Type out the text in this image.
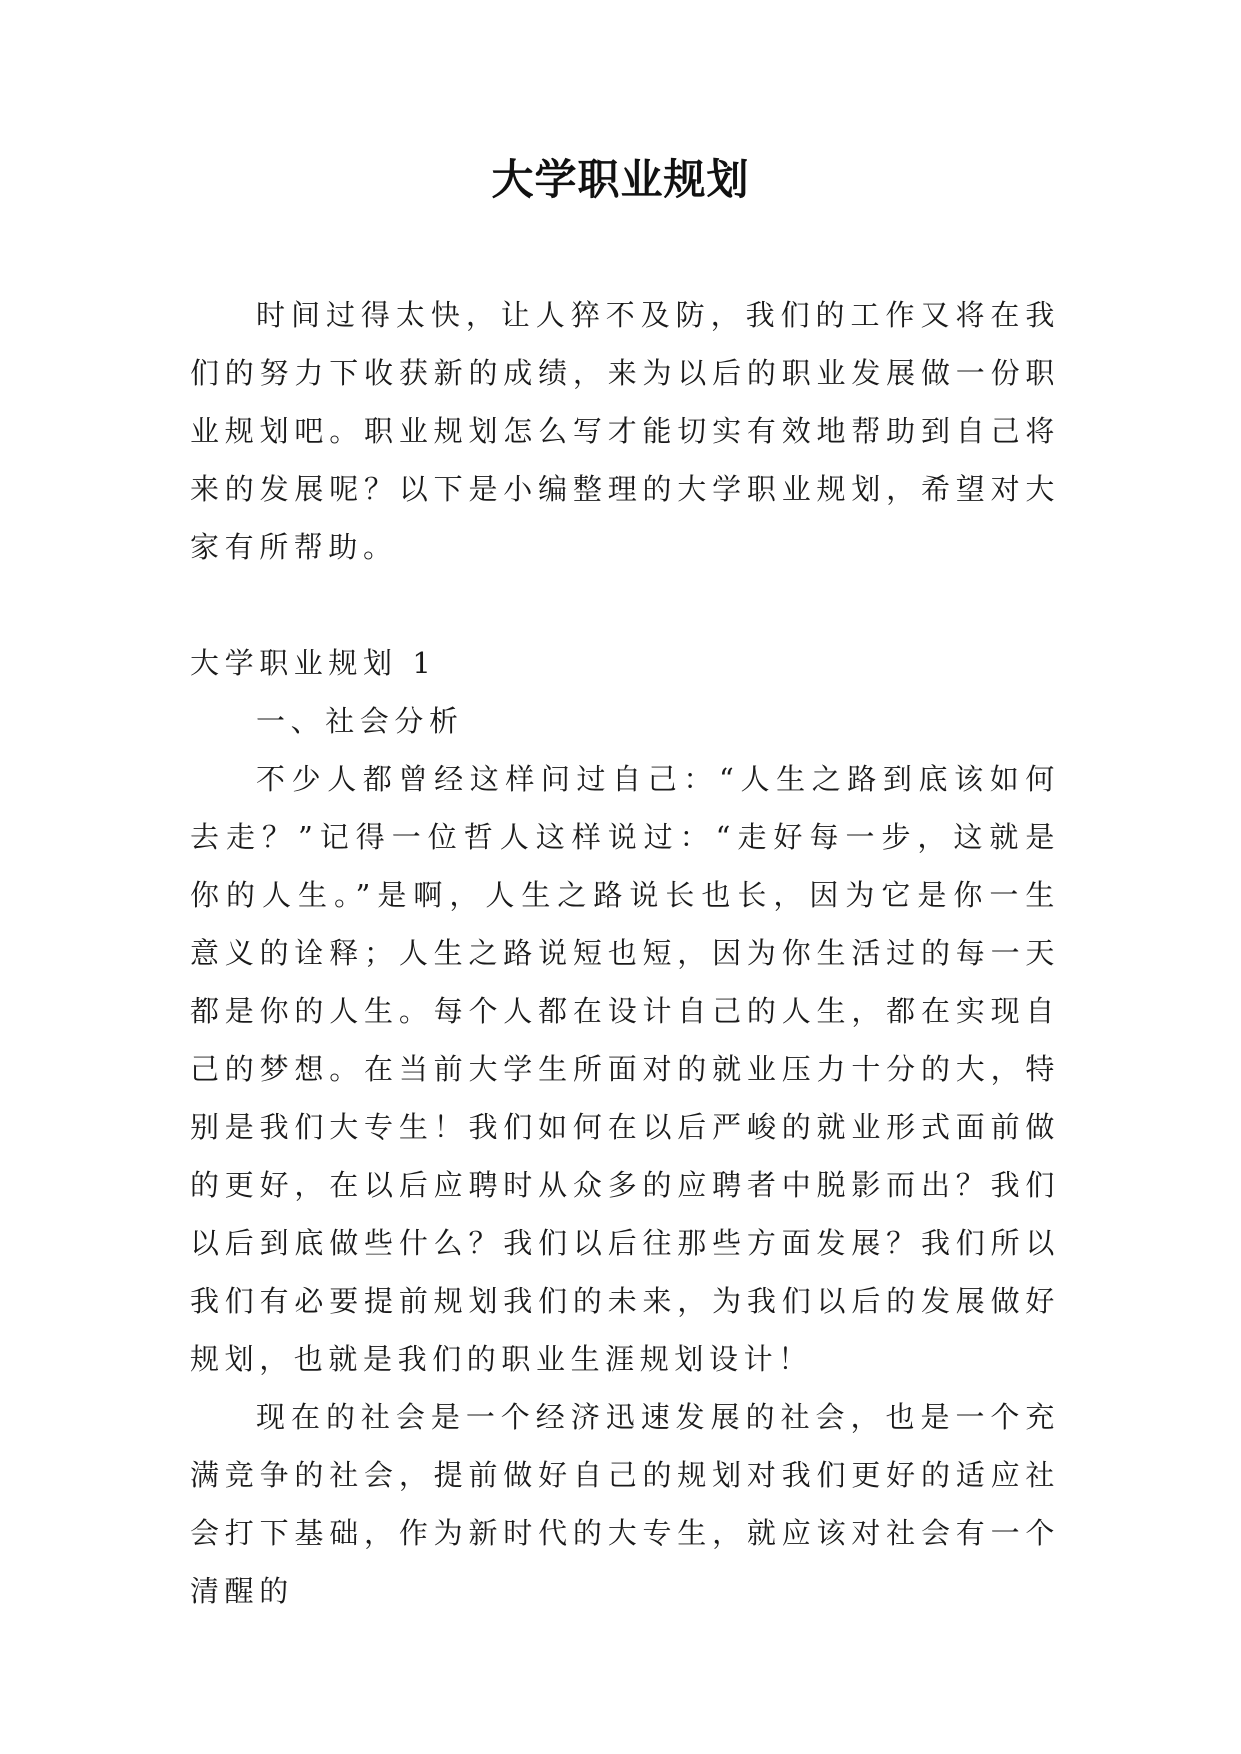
大学职业规划

时间过得太快，让人猝不及防，我们的工作又将在我们的努力下收获新的成绩，来为以后的职业发展做一份职业规划吧。职业规划怎么写才能切实有效地帮助到自己将来的发展呢？以下是小编整理的大学职业规划，希望对大家有所帮助。

大学职业规划 1

一、社会分析

不少人都曾经这样问过自己：“人生之路到底该如何去走？”记得一位哲人这样说过：“走好每一步，这就是你的人生。”是啊，人生之路说长也长，因为它是你一生意义的诠释；人生之路说短也短，因为你生活过的每一天都是你的人生。每个人都在设计自己的人生，都在实现自己的梦想。在当前大学生所面对的就业压力十分的大，特别是我们大专生！我们如何在以后严峻的就业形式面前做的更好，在以后应聘时从众多的应聘者中脱影而出？我们以后到底做些什么？我们以后往那些方面发展？我们所以我们有必要提前规划我们的未来，为我们以后的发展做好规划，也就是我们的职业生涯规划设计！

现在的社会是一个经济迅速发展的社会，也是一个充满竞争的社会，提前做好自己的规划对我们更好的适应社会打下基础，作为新时代的大专生，就应该对社会有一个清醒的
